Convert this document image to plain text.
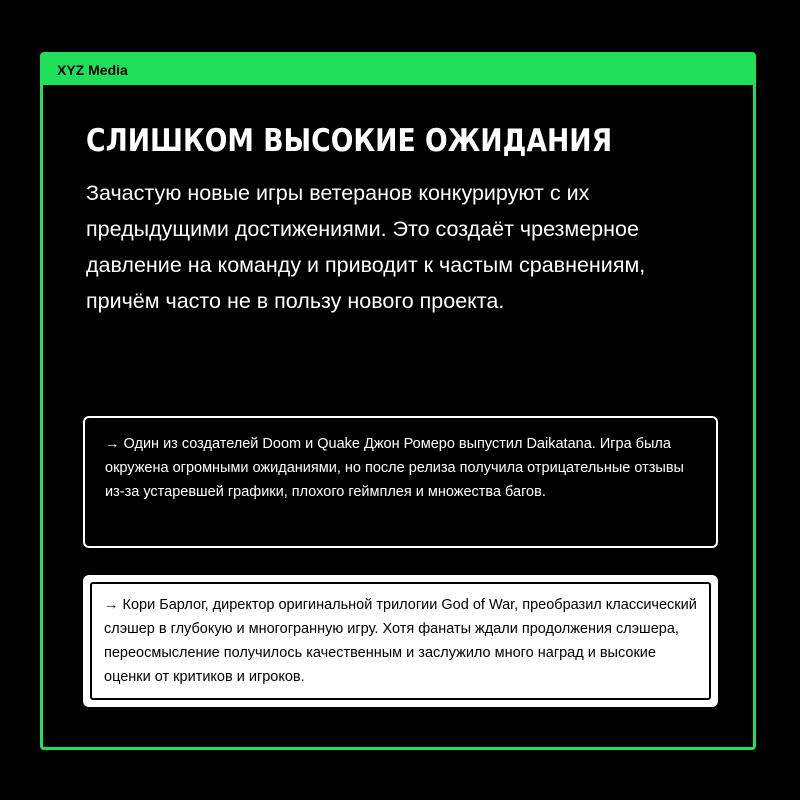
XYZ Media
СЛИШКОМ ВЫСОКИЕ ОЖИДАНИЯ

Зачастую новые игры ветеранов конкурируют с их предыдущими достижениями. Это создаёт чрезмерное давление на команду и приводит к частым сравнениям, причём часто не в пользу нового проекта.

→ Один из создателей Doom и Quake Джон Ромеро выпустил Daikatana. Игра была окружена огромными ожиданиями, но после релиза получила отрицательные отзывы из-за устаревшей графики, плохого геймплея и множества багов.

→ Кори Барлог, директор оригинальной трилогии God of War, преобразил классический слэшер в глубокую и многогранную игру. Хотя фанаты ждали продолжения слэшера, переосмысление получилось качественным и заслужило много наград и высокие оценки от критиков и игроков.
